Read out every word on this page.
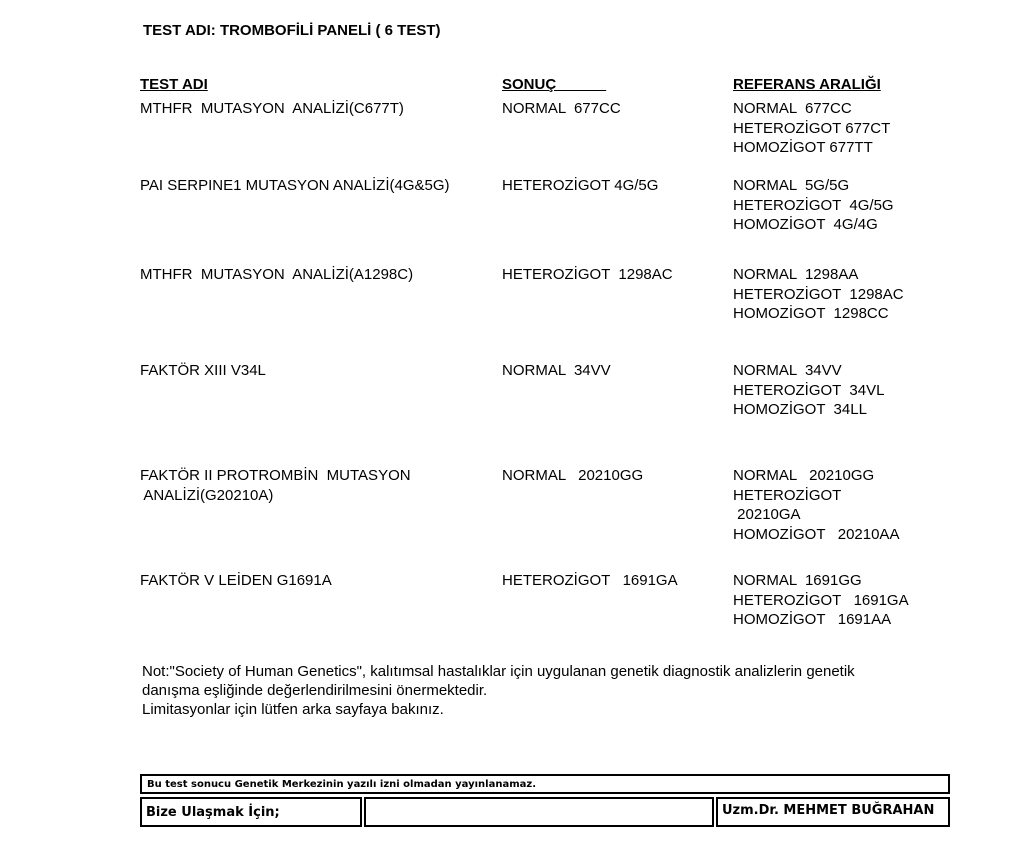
TEST ADI: TROMBOFİLİ PANELİ ( 6 TEST)
TEST ADI	SONUÇ	REFERANS ARALIĞI
MTHFR  MUTASYON  ANALİZİ(C677T)	NORMAL  677CC	NORMAL  677CC
HETEROZİGOT 677CT
HOMOZİGOT 677TT
PAI SERPINE1 MUTASYON ANALİZİ(4G&5G)	HETEROZİGOT 4G/5G	NORMAL  5G/5G
HETEROZİGOT  4G/5G
HOMOZİGOT  4G/4G
MTHFR  MUTASYON  ANALİZİ(A1298C)	HETEROZİGOT  1298AC	NORMAL  1298AA
HETEROZİGOT  1298AC
HOMOZİGOT  1298CC
FAKTÖR XIII V34L	NORMAL  34VV	NORMAL  34VV
HETEROZİGOT  34VL
HOMOZİGOT  34LL
FAKTÖR II PROTROMBİN  MUTASYON
ANALİZİ(G20210A)
NORMAL   20210GG	NORMAL   20210GG
HETEROZİGOT
20210GA
HOMOZİGOT   20210AA
FAKTÖR V LEİDEN G1691A	HETEROZİGOT   1691GA	NORMAL  1691GG
HETEROZİGOT   1691GA
HOMOZİGOT   1691AA
Not:"Society of Human Genetics", kalıtımsal hastalıklar için uygulanan genetik diagnostik analizlerin genetik
danışma eşliğinde değerlendirilmesini önermektedir.
Limitasyonlar için lütfen arka sayfaya bakınız.
Bu test sonucu Genetik Merkezinin yazılı izni olmadan yayınlanamaz.
Bize Ulaşmak İçin;	Uzm.Dr. MEHMET BUĞRAHAN
